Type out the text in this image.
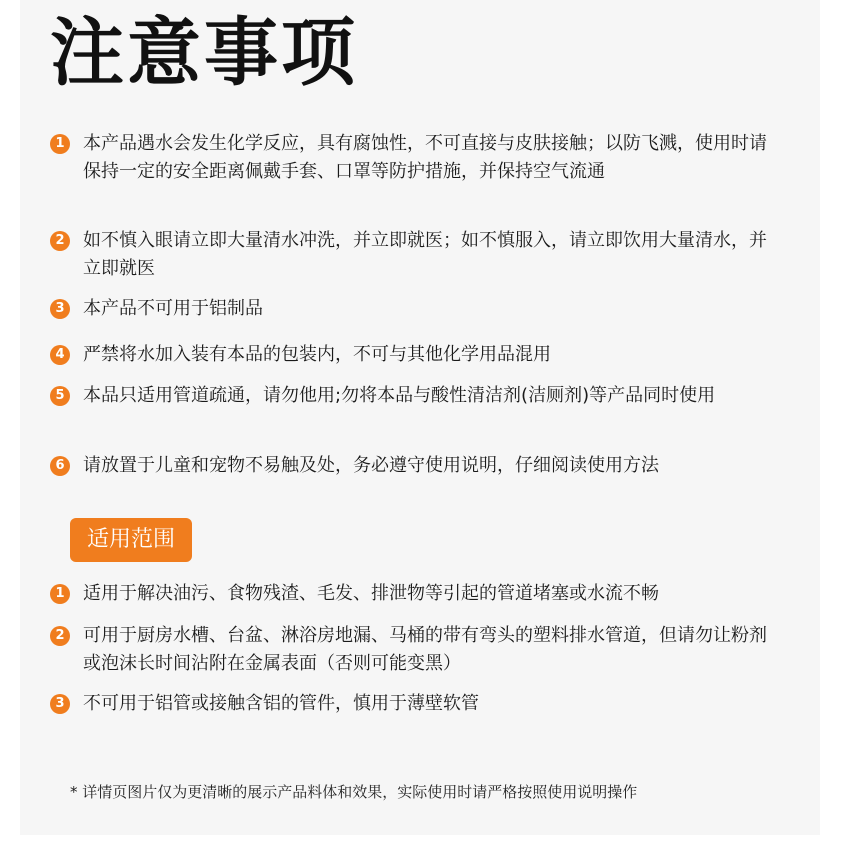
注意事项
1	本产品遇水会发生化学反应，具有腐蚀性，不可直接与皮肤接触；以防飞溅，使用时请保持一定的安全距离佩戴手套、口罩等防护措施，并保持空气流通
2	如不慎入眼请立即大量清水冲洗，并立即就医；如不慎服入，请立即饮用大量清水，并立即就医
3	本产品不可用于铝制品
4	严禁将水加入装有本品的包装内，不可与其他化学用品混用
5	本品只适用管道疏通，请勿他用;勿将本品与酸性清洁剂(洁厕剂)等产品同时使用
6	请放置于儿童和宠物不易触及处，务必遵守使用说明，仔细阅读使用方法
适用范围
1	适用于解决油污、食物残渣、毛发、排泄物等引起的管道堵塞或水流不畅
2	可用于厨房水槽、台盆、淋浴房地漏、马桶的带有弯头的塑料排水管道，但请勿让粉剂或泡沫长时间沾附在金属表面（否则可能变黑）
3	不可用于铝管或接触含铝的管件，慎用于薄壁软管
* 详情页图片仅为更清晰的展示产品料体和效果，实际使用时请严格按照使用说明操作
